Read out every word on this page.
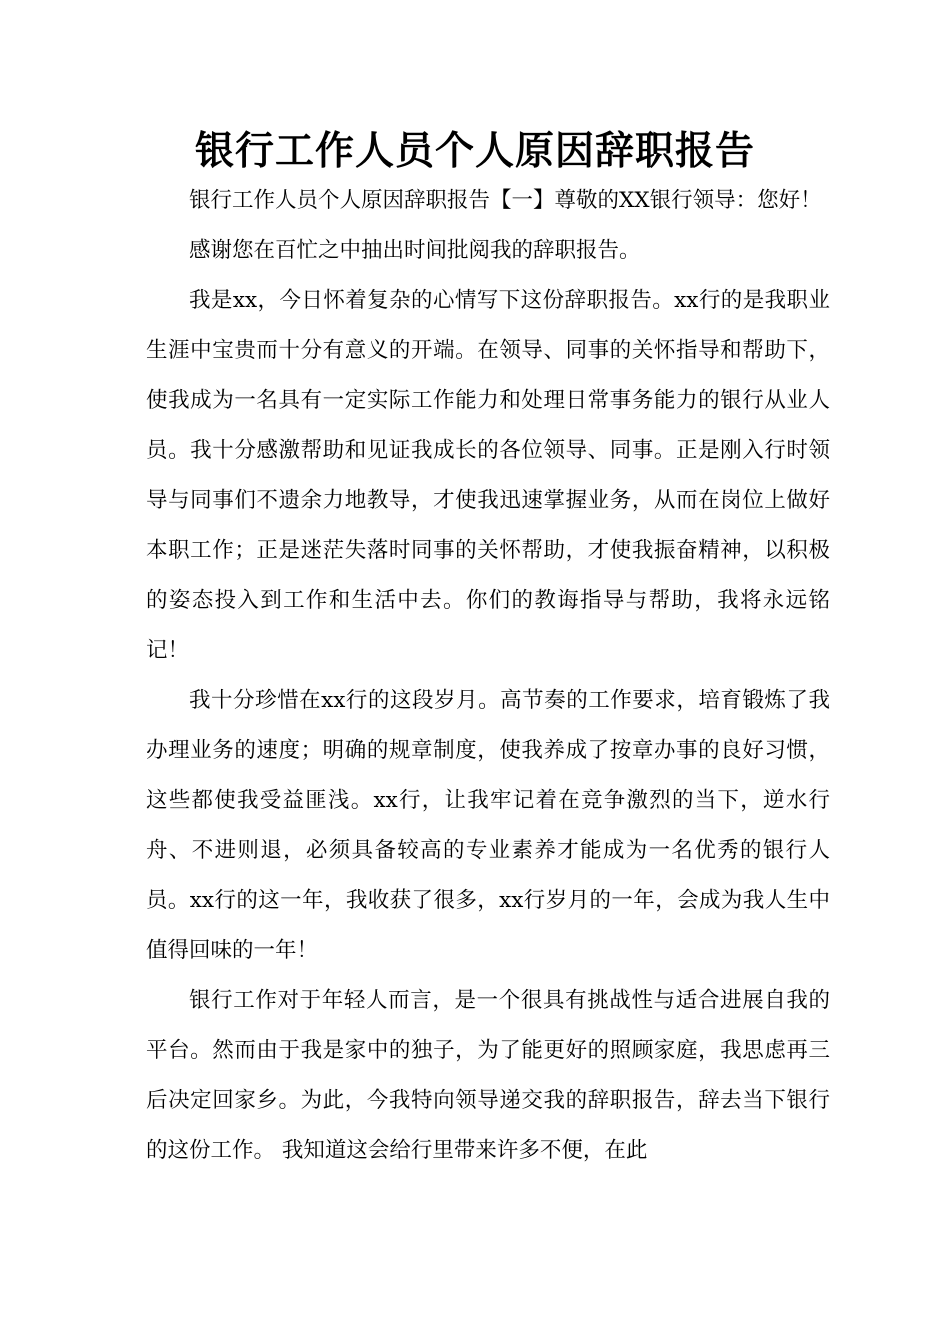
银行工作人员个人原因辞职报告

银行工作人员个人原因辞职报告【一】尊敬的XX银行领导：您好！

感谢您在百忙之中抽出时间批阅我的辞职报告。

我是xx，今日怀着复杂的心情写下这份辞职报告。xx行的是我职业生涯中宝贵而十分有意义的开端。在领导、同事的关怀指导和帮助下，使我成为一名具有一定实际工作能力和处理日常事务能力的银行从业人员。我十分感激帮助和见证我成长的各位领导、同事。正是刚入行时领导与同事们不遗余力地教导，才使我迅速掌握业务，从而在岗位上做好本职工作；正是迷茫失落时同事的关怀帮助，才使我振奋精神，以积极的姿态投入到工作和生活中去。你们的教诲指导与帮助，我将永远铭记！

我十分珍惜在xx行的这段岁月。高节奏的工作要求，培育锻炼了我办理业务的速度；明确的规章制度，使我养成了按章办事的良好习惯，这些都使我受益匪浅。xx行，让我牢记着在竞争激烈的当下，逆水行舟、不进则退，必须具备较高的专业素养才能成为一名优秀的银行人员。xx行的这一年，我收获了很多，xx行岁月的一年，会成为我人生中值得回味的一年！

银行工作对于年轻人而言，是一个很具有挑战性与适合进展自我的平台。然而由于我是家中的独子，为了能更好的照顾家庭，我思虑再三后决定回家乡。为此，今我特向领导递交我的辞职报告，辞去当下银行的这份工作。 我知道这会给行里带来许多不便，在此
